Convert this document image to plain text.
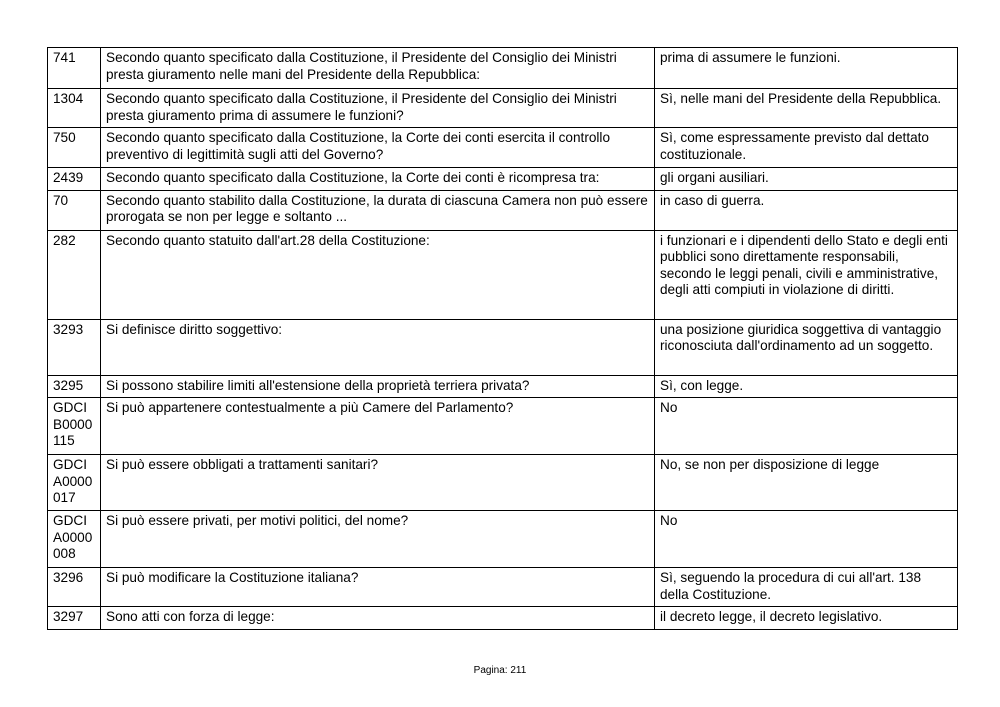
741	Secondo quanto specificato dalla Costituzione, il Presidente del Consiglio dei Ministri presta giuramento nelle mani del Presidente della Repubblica:	prima di assumere le funzioni.
1304	Secondo quanto specificato dalla Costituzione, il Presidente del Consiglio dei Ministri presta giuramento prima di assumere le funzioni?	Sì, nelle mani del Presidente della Repubblica.
750	Secondo quanto specificato dalla Costituzione, la Corte dei conti esercita il controllo preventivo di legittimità sugli atti del Governo?	Sì, come espressamente previsto dal dettato costituzionale.
2439	Secondo quanto specificato dalla Costituzione, la Corte dei conti è ricompresa tra:	gli organi ausiliari.
70	Secondo quanto stabilito dalla Costituzione, la durata di ciascuna Camera non può essere prorogata se non per legge e soltanto ...	in caso di guerra.
282	Secondo quanto statuito dall'art.28 della Costituzione:	i funzionari e i dipendenti dello Stato e degli enti pubblici sono direttamente responsabili, secondo le leggi penali, civili e amministrative, degli atti compiuti in violazione di diritti.
3293	Si definisce diritto soggettivo:	una posizione giuridica soggettiva di vantaggio riconosciuta dall'ordinamento ad un soggetto.
3295	Si possono stabilire limiti all'estensione della proprietà terriera privata?	Sì, con legge.
GDCIB0000115	Si può appartenere contestualmente a più Camere del Parlamento?	No
GDCIA0000017	Si può essere obbligati a trattamenti sanitari?	No, se non per disposizione di legge
GDCIA0000008	Si può essere privati, per motivi politici, del nome?	No
3296	Si può modificare la Costituzione italiana?	Sì, seguendo la procedura di cui all'art. 138 della Costituzione.
3297	Sono atti con forza di legge:	il decreto legge, il decreto legislativo.
Pagina: 211
